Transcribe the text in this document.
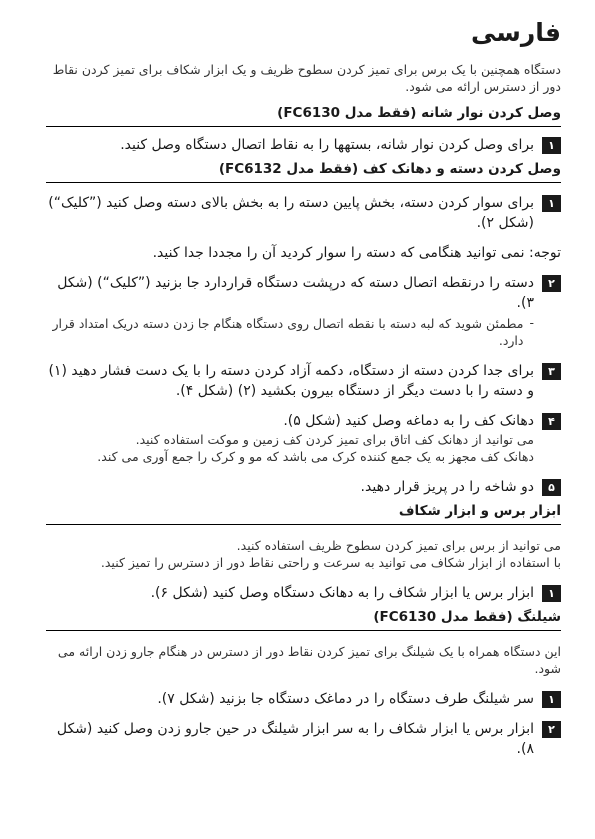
فارسی

دستگاه همچنین با یک برس برای تمیز کردن سطوح ظریف و یک ابزار شکاف برای تمیز کردن نقاط دور از دسترس ارائه می شود.

وصل کردن نوار شانه (فقط مدل FC6130)
۱
برای وصل کردن نوار شانه، بستهها را به نقاط اتصال دستگاه وصل کنید.
وصل کردن دسته و دهانک کف (فقط مدل FC6132)
۱
برای سوار کردن دسته، بخش پایین دسته را به بخش بالای دسته وصل کنید (”کلیک“) (شکل ۲).

توجه: نمی توانید هنگامی که دسته را سوار کردید آن را مجددا جدا کنید.

۲
دسته را درنقطه اتصال دسته که درپشت دستگاه قراردارد جا بزنید (”کلیک“) (شکل ۳).
-
مطمئن شوید که لبه دسته با نقطه اتصال روی دستگاه هنگام جا زدن دسته دریک امتداد قرار دارد.
۳
برای جدا کردن دسته از دستگاه، دکمه آزاد کردن دسته را با یک دست فشار دهید (۱) و دسته را با دست دیگر از دستگاه بیرون بکشید (۲) (شکل ۴).
۴
دهانک کف را به دماغه وصل کنید (شکل ۵).

می توانید از دهانک کف اتاق برای تمیز کردن کف زمین و موکت استفاده کنید.

دهانک کف مجهز به یک جمع کننده کرک می باشد که مو و کرک را جمع آوری می کند.

۵
دو شاخه را در پریز قرار دهید.
ابزار برس و ابزار شکاف

می توانید از برس برای تمیز کردن سطوح ظریف استفاده کنید.

با استفاده از ابزار شکاف می توانید به سرعت و راحتی نقاط دور از دسترس را تمیز کنید.

۱
ابزار برس یا ابزار شکاف را به دهانک دستگاه وصل کنید (شکل ۶).
شیلنگ (فقط مدل FC6130)

این دستگاه همراه با یک شیلنگ برای تمیز کردن نقاط دور از دسترس در هنگام جارو زدن ارائه می شود.

۱
سر شیلنگ طرف دستگاه را در دماغک دستگاه جا بزنید (شکل ۷).
۲
ابزار برس یا ابزار شکاف را به سر ابزار شیلنگ در حین جارو زدن وصل کنید (شکل ۸).
